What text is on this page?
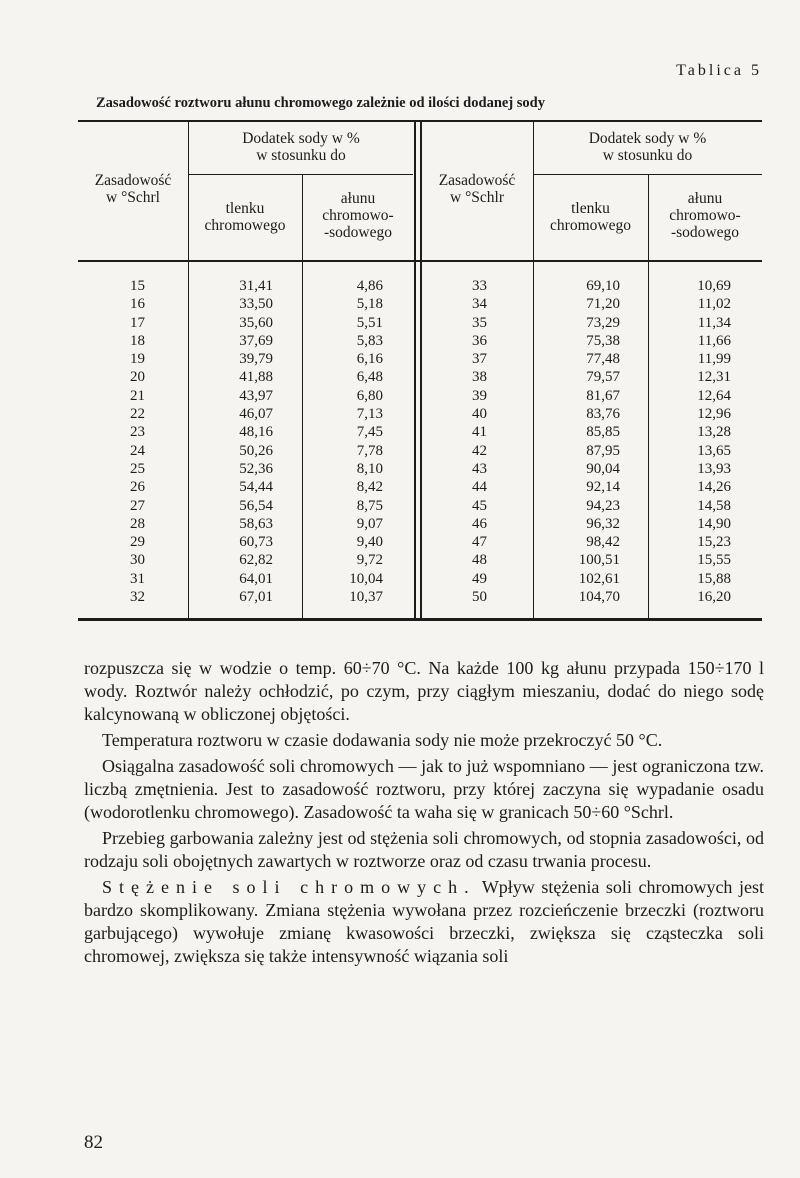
Tablica 5
Zasadowość roztworu ałunu chromowego zależnie od ilości dodanej sody
Zasadowość
w °Schrl
Dodatek sody w %
w stosunku do
tlenku
chromowego
ałunu
chromowo-
-sodowego
Zasadowość
w °Schlr
Dodatek sody w %
w stosunku do
tlenku
chromowego
ałunu
chromowo-
-sodowego
15
16
17
18
19
20
21
22
23
24
25
26
27
28
29
30
31
32
31,41
33,50
35,60
37,69
39,79
41,88
43,97
46,07
48,16
50,26
52,36
54,44
56,54
58,63
60,73
62,82
64,01
67,01
4,86
5,18
5,51
5,83
6,16
6,48
6,80
7,13
7,45
7,78
8,10
8,42
8,75
9,07
9,40
9,72
10,04
10,37
33
34
35
36
37
38
39
40
41
42
43
44
45
46
47
48
49
50
69,10
71,20
73,29
75,38
77,48
79,57
81,67
83,76
85,85
87,95
90,04
92,14
94,23
96,32
98,42
100,51
102,61
104,70
10,69
11,02
11,34
11,66
11,99
12,31
12,64
12,96
13,28
13,65
13,93
14,26
14,58
14,90
15,23
15,55
15,88
16,20

rozpuszcza się w wodzie o temp. 60÷70 °C. Na każde 100 kg ałunu przypada 150÷170 l wody. Roztwór należy ochłodzić, po czym, przy ciągłym mieszaniu, dodać do niego sodę kalcynowaną w obliczonej objętości.

Temperatura roztworu w czasie dodawania sody nie może przekroczyć 50 °C.

Osiągalna zasadowość soli chromowych — jak to już wspomniano — jest ograniczona tzw. liczbą zmętnienia. Jest to zasadowość roztworu, przy której zaczyna się wypadanie osadu (wodorotlenku chromowego). Zasadowość ta waha się w granicach 50÷60 °Schrl.

Przebieg garbowania zależny jest od stężenia soli chromowych, od stopnia zasadowości, od rodzaju soli obojętnych zawartych w roztworze oraz od czasu trwania procesu.

Stężenie soli chromowych. Wpływ stężenia soli chromowych jest bardzo skomplikowany. Zmiana stężenia wywołana przez rozcieńczenie brzeczki (roztworu garbującego) wywołuje zmianę kwasowości brzeczki, zwiększa się cząsteczka soli chromowej, zwiększa się także intensywność wiązania soli

82
